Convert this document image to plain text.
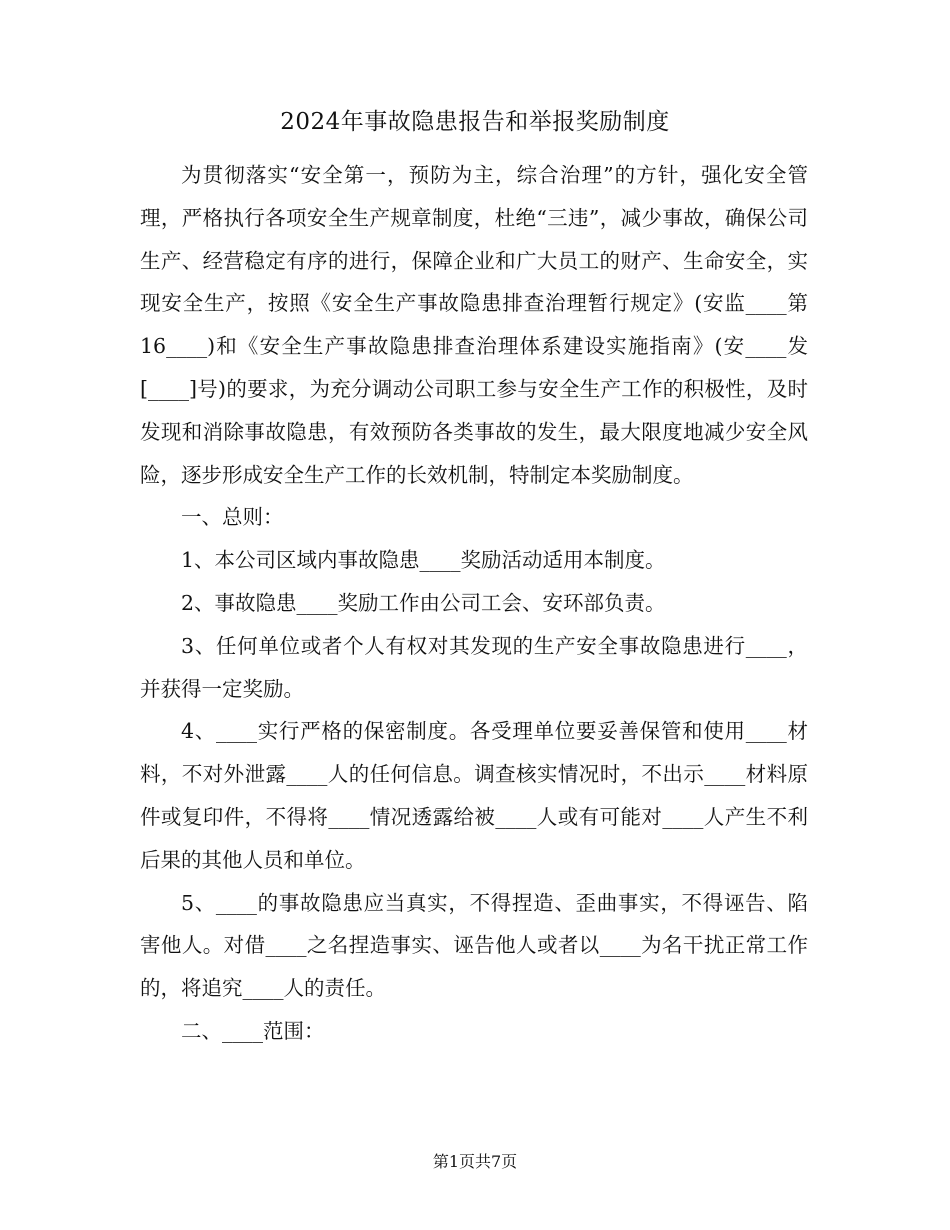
2024年事故隐患报告和举报奖励制度

为贯彻落实“安全第一，预防为主，综合治理”的方针，强化安全管理，严格执行各项安全生产规章制度，杜绝“三违”，减少事故，确保公司生产、经营稳定有序的进行，保障企业和广大员工的财产、生命安全，实现安全生产，按照《安全生产事故隐患排查治理暂行规定》(安监____第16____)和《安全生产事故隐患排查治理体系建设实施指南》(安____发[____]号)的要求，为充分调动公司职工参与安全生产工作的积极性，及时发现和消除事故隐患，有效预防各类事故的发生，最大限度地减少安全风险，逐步形成安全生产工作的长效机制，特制定本奖励制度。

一、总则：

1、本公司区域内事故隐患____奖励活动适用本制度。

2、事故隐患____奖励工作由公司工会、安环部负责。

3、任何单位或者个人有权对其发现的生产安全事故隐患进行____，并获得一定奖励。

4、____实行严格的保密制度。各受理单位要妥善保管和使用____材料，不对外泄露____人的任何信息。调查核实情况时，不出示____材料原件或复印件，不得将____情况透露给被____人或有可能对____人产生不利后果的其他人员和单位。

5、____的事故隐患应当真实，不得捏造、歪曲事实，不得诬告、陷害他人。对借____之名捏造事实、诬告他人或者以____为名干扰正常工作的，将追究____人的责任。

二、____范围：

第1页共7页
